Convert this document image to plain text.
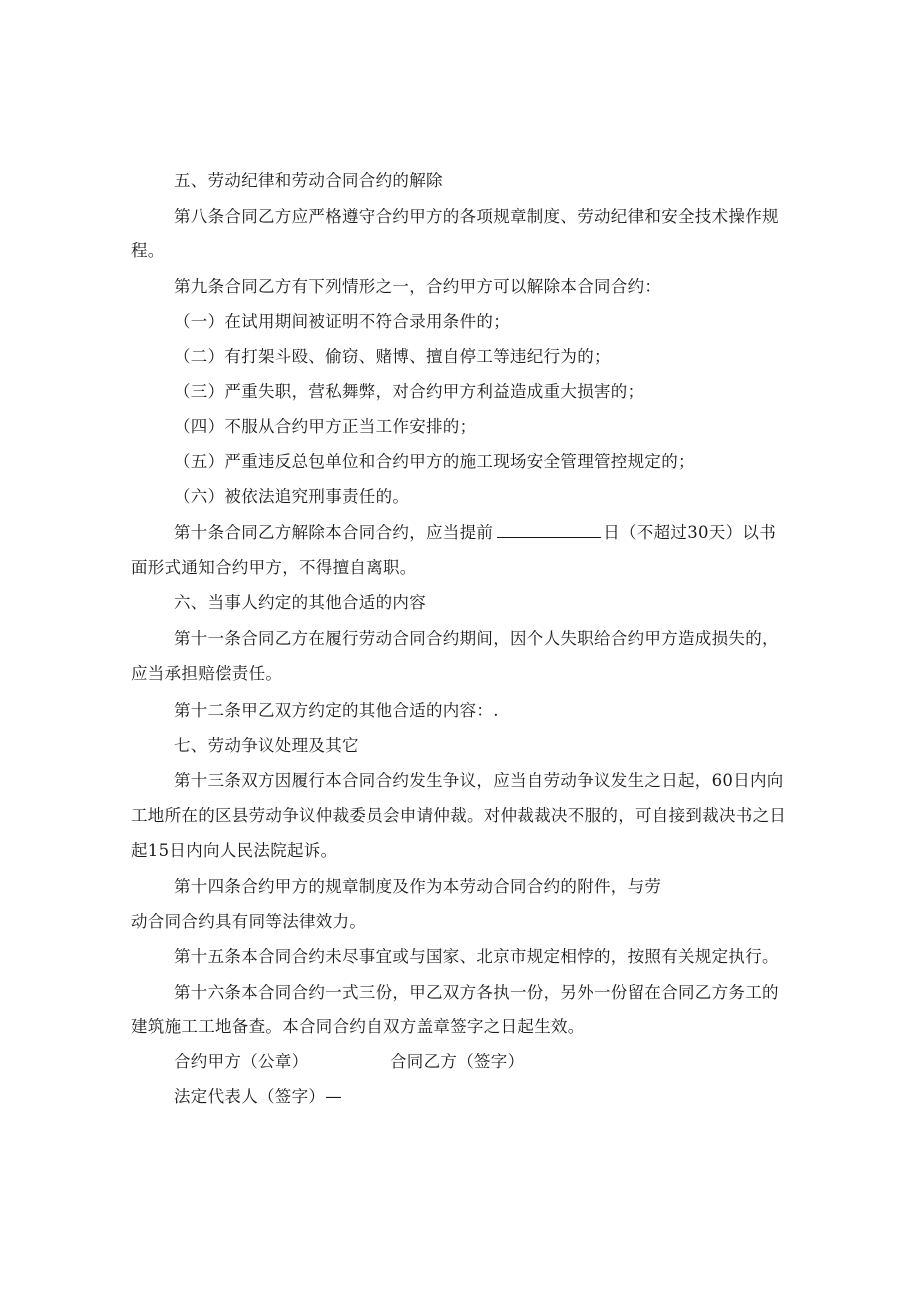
五、劳动纪律和劳动合同合约的解除
第八条合同乙方应严格遵守合约甲方的各项规章制度、劳动纪律和安全技术操作规
程。
第九条合同乙方有下列情形之一，合约甲方可以解除本合同合约：
（一）在试用期间被证明不符合录用条件的；
（二）有打架斗殴、偷窃、赌博、擅自停工等违纪行为的；
（三）严重失职，营私舞弊，对合约甲方利益造成重大损害的；
（四）不服从合约甲方正当工作安排的；
（五）严重违反总包单位和合约甲方的施工现场安全管理管控规定的；
（六）被依法追究刑事责任的。
第十条合同乙方解除本合同合约，应当提前	日（不超过30天）以书
面形式通知合约甲方，不得擅自离职。
六、当事人约定的其他合适的内容
第十一条合同乙方在履行劳动合同合约期间，因个人失职给合约甲方造成损失的，
应当承担赔偿责任。
第十二条甲乙双方约定的其他合适的内容：.
七、劳动争议处理及其它
第十三条双方因履行本合同合约发生争议，应当自劳动争议发生之日起，60日内向
工地所在的区县劳动争议仲裁委员会申请仲裁。对仲裁裁决不服的，可自接到裁决书之日
起15日内向人民法院起诉。
第十四条合约甲方的规章制度及作为本劳动合同合约的附件，与劳
动合同合约具有同等法律效力。
第十五条本合同合约未尽事宜或与国家、北京市规定相悖的，按照有关规定执行。
第十六条本合同合约一式三份，甲乙双方各执一份，另外一份留在合同乙方务工的
建筑施工工地备查。本合同合约自双方盖章签字之日起生效。
合约甲方（公章）	合同乙方（签字）
法定代表人（签字）—
